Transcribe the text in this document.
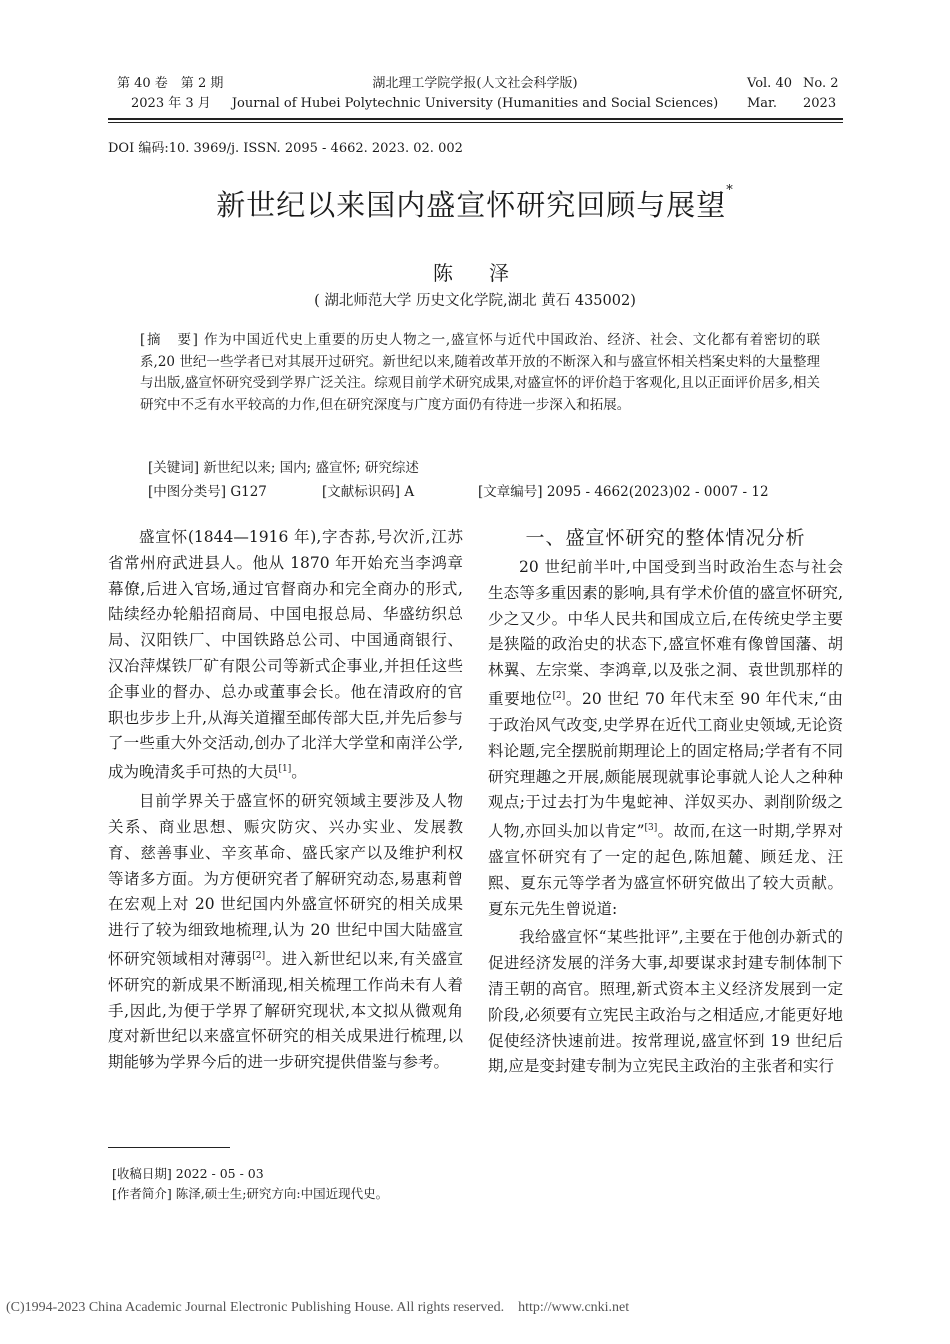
第 40 卷　第 2 期
2023 年 3 月
湖北理工学院学报(人文社会科学版)
Journal of Hubei Polytechnic University (Humanities and Social Sciences)
Vol. 40 No. 2
Mar. 2023
DOI 编码:10. 3969/j. ISSN. 2095 - 4662. 2023. 02. 002
新世纪以来国内盛宣怀研究回顾与展望*
陈　泽
( 湖北师范大学 历史文化学院,湖北 黄石 435002)
[摘　要] 作为中国近代史上重要的历史人物之一,盛宣怀与近代中国政治、经济、社会、文化都有着密切的联系,20 世纪一些学者已对其展开过研究。新世纪以来,随着改革开放的不断深入和与盛宣怀相关档案史料的大量整理与出版,盛宣怀研究受到学界广泛关注。综观目前学术研究成果,对盛宣怀的评价趋于客观化,且以正面评价居多,相关研究中不乏有水平较高的力作,但在研究深度与广度方面仍有待进一步深入和拓展。
[关键词] 新世纪以来; 国内; 盛宣怀; 研究综述
[中图分类号] G127	[文献标识码] A	[文章编号] 2095 - 4662(2023)02 - 0007 - 12

盛宣怀(1844—1916 年),字杏荪,号次沂,江苏省常州府武进县人。他从 1870 年开始充当李鸿章幕僚,后进入官场,通过官督商办和完全商办的形式,陆续经办轮船招商局、中国电报总局、华盛纺织总局、汉阳铁厂、中国铁路总公司、中国通商银行、汉冶萍煤铁厂矿有限公司等新式企事业,并担任这些企事业的督办、总办或董事会长。他在清政府的官职也步步上升,从海关道擢至邮传部大臣,并先后参与了一些重大外交活动,创办了北洋大学堂和南洋公学,成为晚清炙手可热的大员[1]。

目前学界关于盛宣怀的研究领域主要涉及人物关系、商业思想、赈灾防灾、兴办实业、发展教育、慈善事业、辛亥革命、盛氏家产以及维护利权等诸多方面。为方便研究者了解研究动态,易惠莉曾在宏观上对 20 世纪国内外盛宣怀研究的相关成果进行了较为细致地梳理,认为 20 世纪中国大陆盛宣怀研究领域相对薄弱[2]。进入新世纪以来,有关盛宣怀研究的新成果不断涌现,相关梳理工作尚未有人着手,因此,为便于学界了解研究现状,本文拟从微观角度对新世纪以来盛宣怀研究的相关成果进行梳理,以期能够为学界今后的进一步研究提供借鉴与参考。

一、盛宣怀研究的整体情况分析

20 世纪前半叶,中国受到当时政治生态与社会生态等多重因素的影响,具有学术价值的盛宣怀研究,少之又少。中华人民共和国成立后,在传统史学主要是狭隘的政治史的状态下,盛宣怀难有像曾国藩、胡林翼、左宗棠、李鸿章,以及张之洞、袁世凯那样的重要地位[2]。20 世纪 70 年代末至 90 年代末,“由于政治风气改变,史学界在近代工商业史领域,无论资料论题,完全摆脱前期理论上的固定格局;学者有不同研究理趣之开展,颇能展现就事论事就人论人之种种观点;于过去打为牛鬼蛇神、洋奴买办、剥削阶级之人物,亦回头加以肯定”[3]。故而,在这一时期,学界对盛宣怀研究有了一定的起色,陈旭麓、顾廷龙、汪熙、夏东元等学者为盛宣怀研究做出了较大贡献。夏东元先生曾说道:

我给盛宣怀“某些批评”,主要在于他创办新式的促进经济发展的洋务大事,却要谋求封建专制体制下清王朝的高官。照理,新式资本主义经济发展到一定阶段,必须要有立宪民主政治与之相适应,才能更好地促使经济快速前进。按常理说,盛宣怀到 19 世纪后期,应是变封建专制为立宪民主政治的主张者和实行

[收稿日期] 2022 - 05 - 03
[作者简介] 陈泽,硕士生;研究方向:中国近现代史。
(C)1994-2023 China Academic Journal Electronic Publishing House. All rights reserved.　http://www.cnki.net
